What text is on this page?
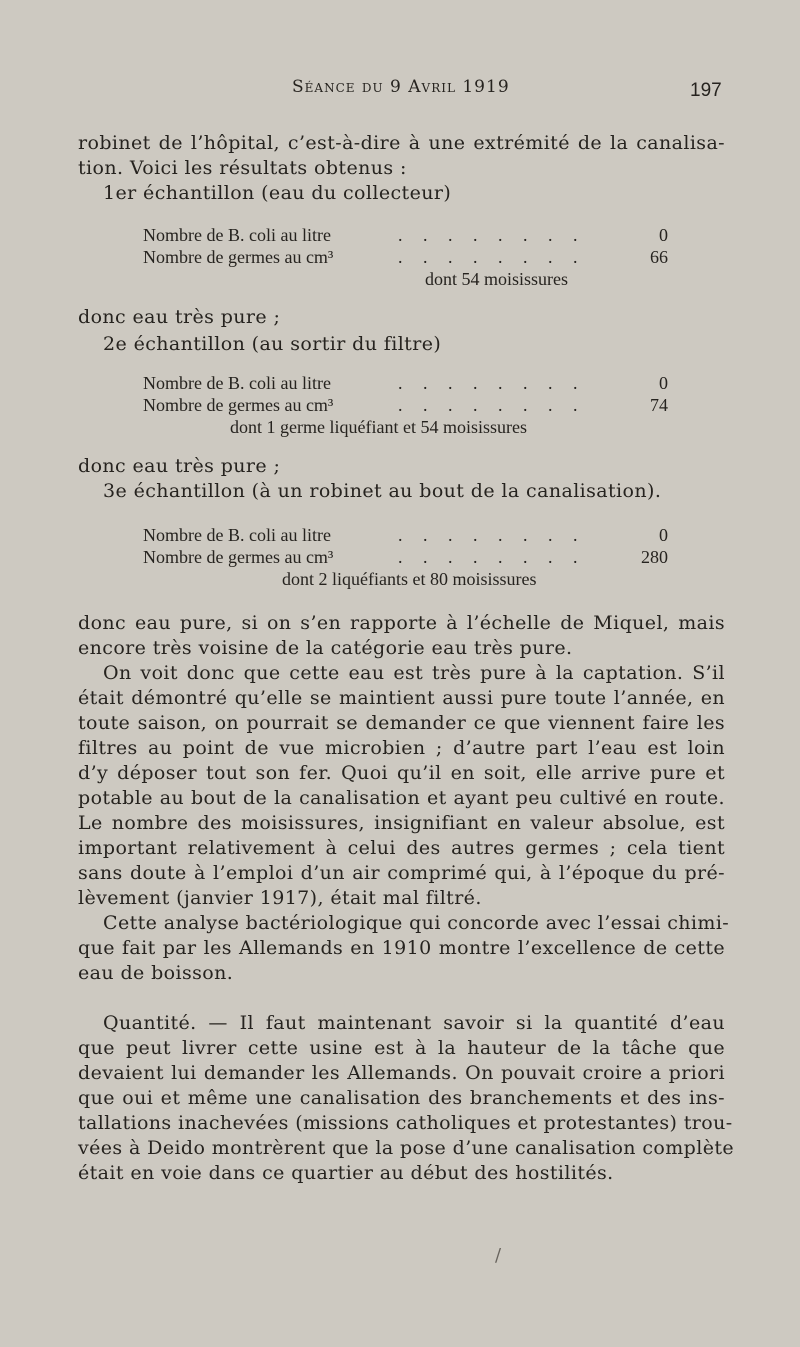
Séance du 9 Avril 1919	197
robinet de l’hôpital, c’est-à-dire à une extrémité de la canalisa-
tion. Voici les résultats obtenus :
1er échantillon (eau du collecteur)
Nombre de B. coli au litre	. . . . . . . .	0
Nombre de germes au cm³	. . . . . . . .	66
dont 54 moisissures
donc eau très pure ;
2e échantillon (au sortir du filtre)
Nombre de B. coli au litre	. . . . . . . .	0
Nombre de germes au cm³	. . . . . . . .	74
dont 1 germe liquéfiant et 54 moisissures
donc eau très pure ;
3e échantillon (à un robinet au bout de la canalisation).
Nombre de B. coli au litre	. . . . . . . .	0
Nombre de germes au cm³	. . . . . . . .	280
dont 2 liquéfiants et 80 moisissures
donc eau pure, si on s’en rapporte à l’échelle de Miquel, mais
encore très voisine de la catégorie eau très pure.
On voit donc que cette eau est très pure à la captation. S’il
était démontré qu’elle se maintient aussi pure toute l’année, en
toute saison, on pourrait se demander ce que viennent faire les
filtres au point de vue microbien ; d’autre part l’eau est loin
d’y déposer tout son fer. Quoi qu’il en soit, elle arrive pure et
potable au bout de la canalisation et ayant peu cultivé en route.
Le nombre des moisissures, insignifiant en valeur absolue, est
important relativement à celui des autres germes ; cela tient
sans doute à l’emploi d’un air comprimé qui, à l’époque du pré-
lèvement (janvier 1917), était mal filtré.
Cette analyse bactériologique qui concorde avec l’essai chimi-
que fait par les Allemands en 1910 montre l’excellence de cette
eau de boisson.
Quantité. — Il faut maintenant savoir si la quantité d’eau
que peut livrer cette usine est à la hauteur de la tâche que
devaient lui demander les Allemands. On pouvait croire a priori
que oui et même une canalisation des branchements et des ins-
tallations inachevées (missions catholiques et protestantes) trou-
vées à Deido montrèrent que la pose d’une canalisation complète
était en voie dans ce quartier au début des hostilités.
/
